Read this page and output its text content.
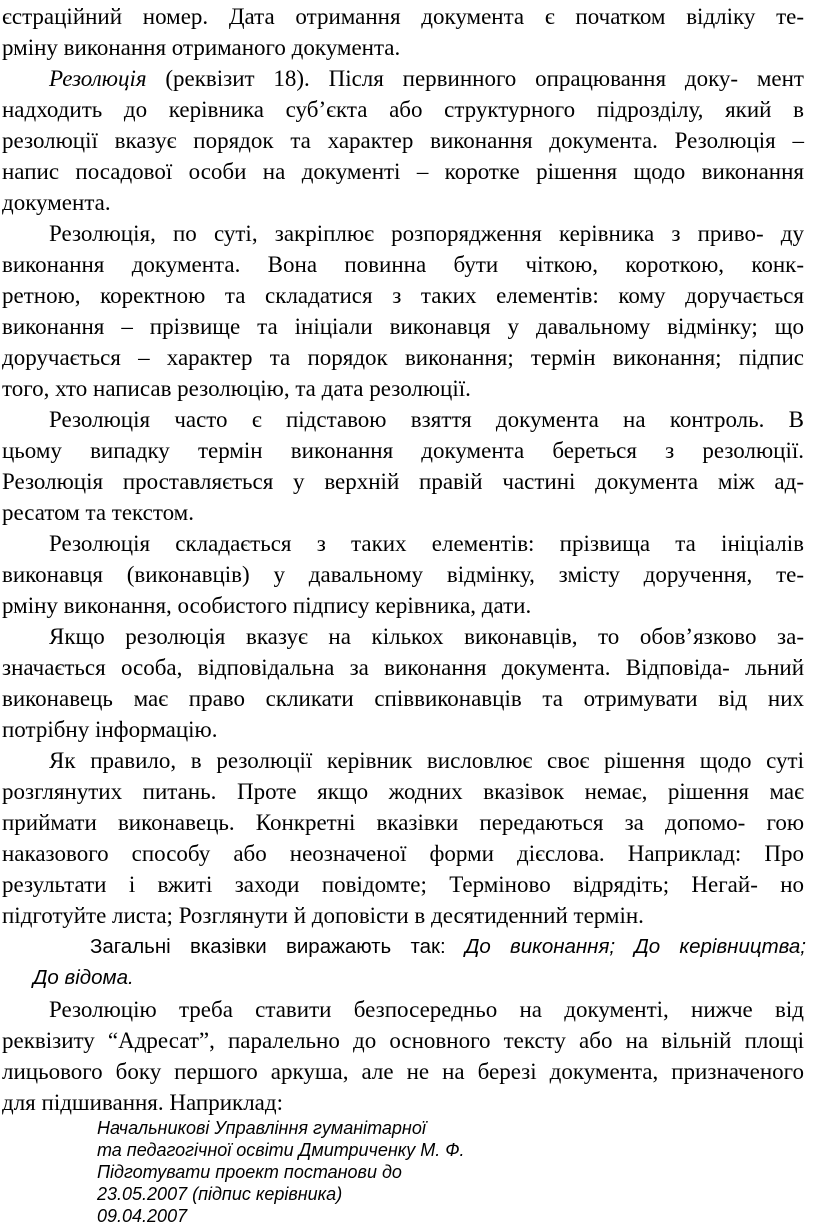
єстраційний номер. Дата отримання документа є початком відліку те-
рміну виконання отриманого документа.
Резолюція (реквізит 18). Після первинного опрацювання доку- мент
надходить до керівника суб’єкта або структурного підрозділу, який в
резолюції вказує порядок та характер виконання документа. Резолюція –
напис посадової особи на документі – коротке рішення щодо виконання
документа.
Резолюція, по суті, закріплює розпорядження керівника з приво- ду
виконання документа. Вона повинна бути чіткою, короткою, конк-
ретною, коректною та складатися з таких елементів: кому доручається
виконання – прізвище та ініціали виконавця у давальному відмінку; що
доручається – характер та порядок виконання; термін виконання; підпис
того, хто написав резолюцію, та дата резолюції.
Резолюція часто є підставою взяття документа на контроль. В
цьому випадку термін виконання документа береться з резолюції.
Резолюція проставляється у верхній правій частині документа між ад-
ресатом та текстом.
Резолюція складається з таких елементів: прізвища та ініціалів
виконавця (виконавців) у давальному відмінку, змісту доручення, те-
рміну виконання, особистого підпису керівника, дати.
Якщо резолюція вказує на кількох виконавців, то обов’язково за-
значається особа, відповідальна за виконання документа. Відповіда- льний
виконавець має право скликати співвиконавців та отримувати від них
потрібну інформацію.
Як правило, в резолюції керівник висловлює своє рішення щодо суті
розглянутих питань. Проте якщо жодних вказівок немає, рішення має
приймати виконавець. Конкретні вказівки передаються за допомо- гою
наказового способу або неозначеної форми дієслова. Наприклад: Про
результати і вжиті заходи повідомте; Терміново відрядіть; Негай- но
підготуйте листа; Розглянути й доповісти в десятиденний термін.
Загальні вказівки виражають так: До виконання; До керівництва;
До відома.
Резолюцію треба ставити безпосередньо на документі, нижче від
реквізиту “Адресат”, паралельно до основного тексту або на вільній площі
лицьового боку першого аркуша, але не на березі документа, призначеного
для підшивання. Наприклад:
Начальникові Управління гуманітарної
та педагогічної освіти Дмитриченку М. Ф.
Підготувати проект постанови до
23.05.2007 (підпис керівника)
09.04.2007
